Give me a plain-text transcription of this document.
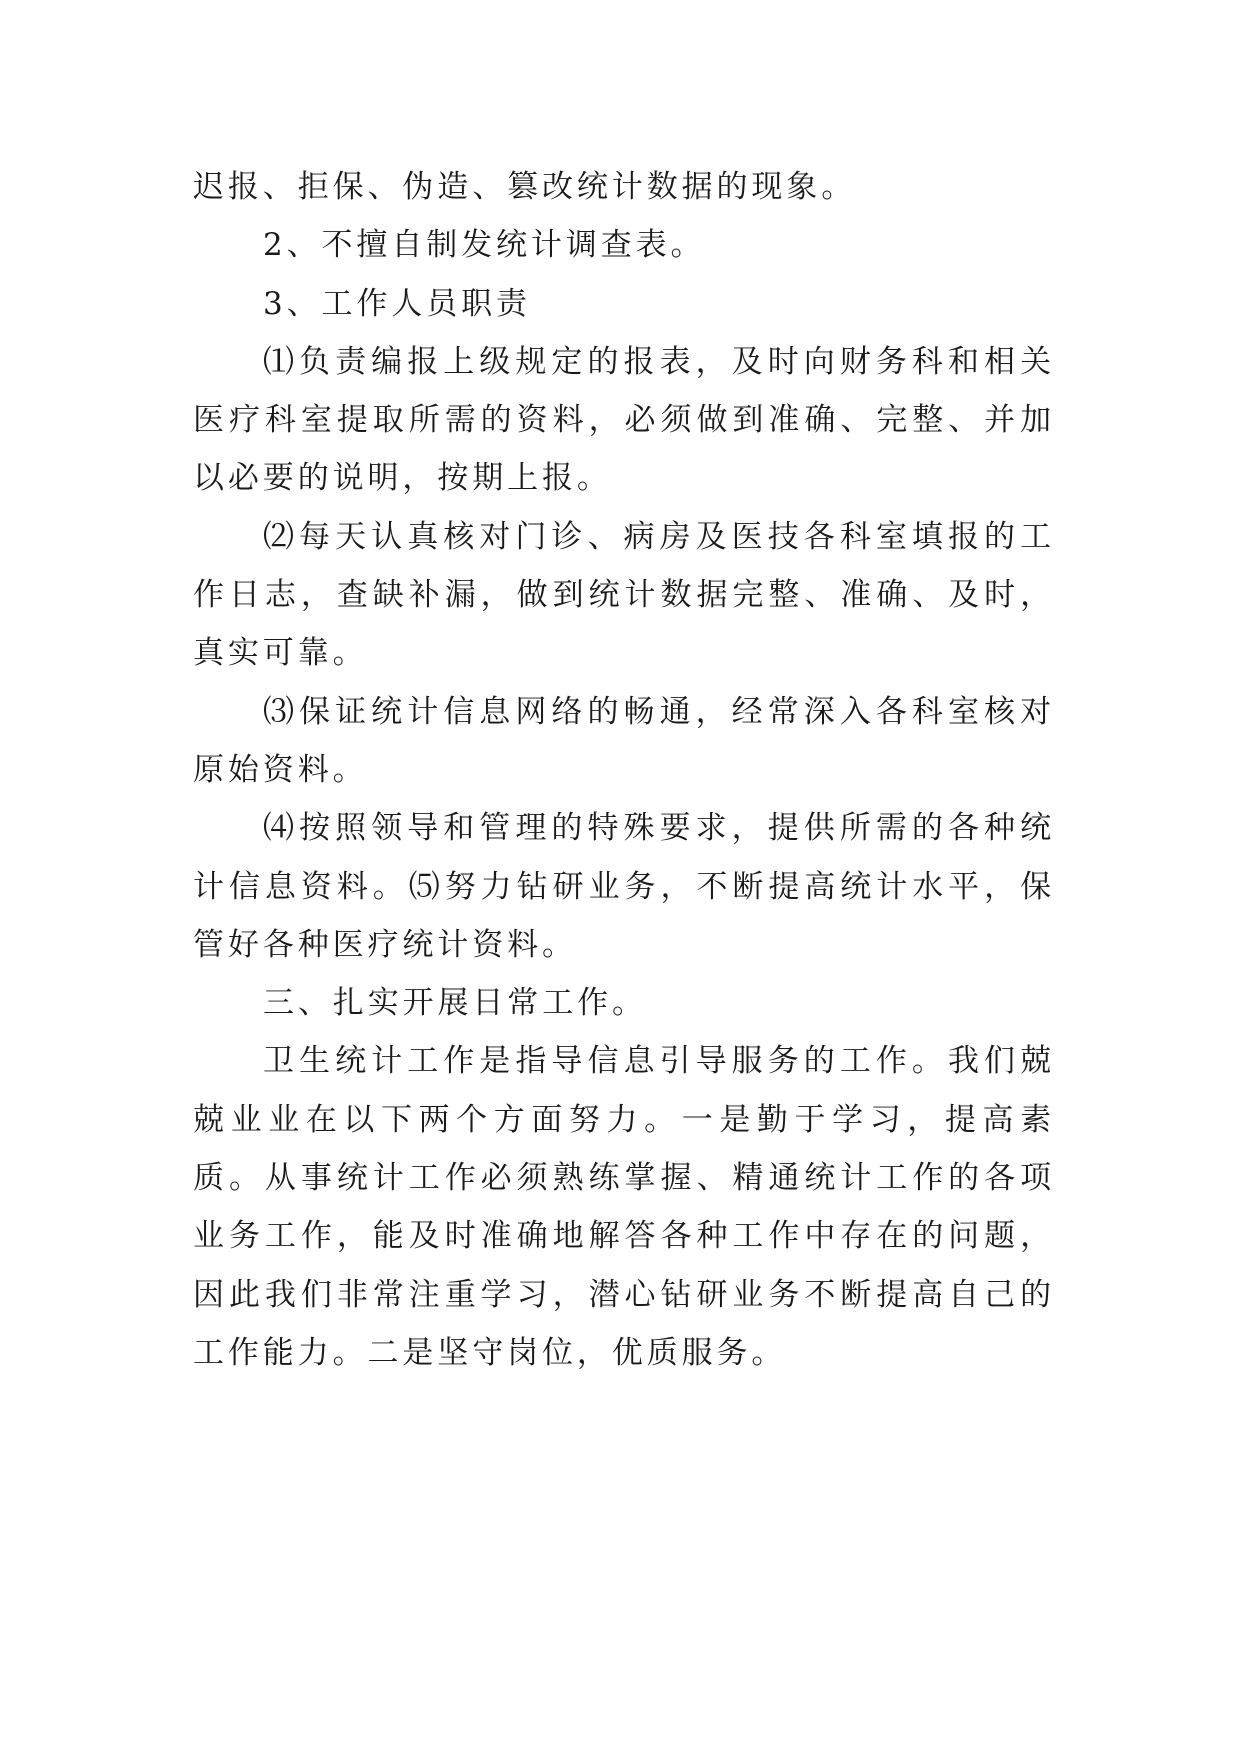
迟报、拒保、伪造、篡改统计数据的现象。

2、不擅自制发统计调查表。

3、工作人员职责

⑴负责编报上级规定的报表，及时向财务科和相关医疗科室提取所需的资料，必须做到准确、完整、并加以必要的说明，按期上报。

⑵每天认真核对门诊、病房及医技各科室填报的工作日志，查缺补漏，做到统计数据完整、准确、及时，真实可靠。

⑶保证统计信息网络的畅通，经常深入各科室核对原始资料。

⑷按照领导和管理的特殊要求，提供所需的各种统计信息资料。⑸努力钻研业务，不断提高统计水平，保管好各种医疗统计资料。

三、扎实开展日常工作。

卫生统计工作是指导信息引导服务的工作。我们兢兢业业在以下两个方面努力。一是勤于学习，提高素质。从事统计工作必须熟练掌握、精通统计工作的各项业务工作，能及时准确地解答各种工作中存在的问题，因此我们非常注重学习，潜心钻研业务不断提高自己的工作能力。二是坚守岗位，优质服务。
